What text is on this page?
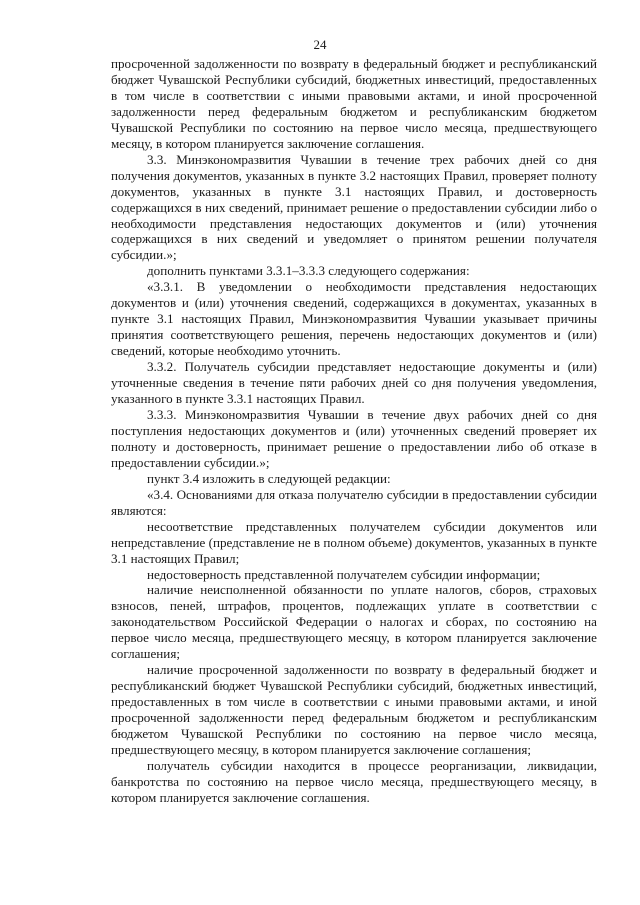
24

просроченной задолженности по возврату в федеральный бюджет и республиканский бюджет Чувашской Республики субсидий, бюджетных инвестиций, предоставленных в том числе в соответствии с иными правовыми актами, и иной просроченной задолженности перед федеральным бюджетом и республиканским бюджетом Чувашской Республики по состоянию на первое число месяца, предшествующего месяцу, в котором планируется заключение соглашения.

3.3. Минэкономразвития Чувашии в течение трех рабочих дней со дня получения документов, указанных в пункте 3.2 настоящих Правил, проверяет полноту документов, указанных в пункте 3.1 настоящих Правил, и достоверность содержащихся в них сведений, принимает решение о предоставлении субсидии либо о необходимости представления недостающих документов и (или) уточнения содержащихся в них сведений и уведомляет о принятом решении получателя субсидии.»;

дополнить пунктами 3.3.1–3.3.3 следующего содержания:

«3.3.1. В уведомлении о необходимости представления недостающих документов и (или) уточнения сведений, содержащихся в документах, указанных в пункте 3.1 настоящих Правил, Минэкономразвития Чувашии указывает причины принятия соответствующего решения, перечень недостающих документов и (или) сведений, которые необходимо уточнить.

3.3.2. Получатель субсидии представляет недостающие документы и (или) уточненные сведения в течение пяти рабочих дней со дня получения уведомления, указанного в пункте 3.3.1 настоящих Правил.

3.3.3. Минэкономразвития Чувашии в течение двух рабочих дней со дня поступления недостающих документов и (или) уточненных сведений проверяет их полноту и достоверность, принимает решение о предоставлении либо об отказе в предоставлении субсидии.»;

пункт 3.4 изложить в следующей редакции:

«3.4. Основаниями для отказа получателю субсидии в предоставлении субсидии являются:

несоответствие представленных получателем субсидии документов или непредставление (представление не в полном объеме) документов, указанных в пункте 3.1 настоящих Правил;

недостоверность представленной получателем субсидии информации;

наличие неисполненной обязанности по уплате налогов, сборов, страховых взносов, пеней, штрафов, процентов, подлежащих уплате в соответствии с законодательством Российской Федерации о налогах и сборах, по состоянию на первое число месяца, предшествующего месяцу, в котором планируется заключение соглашения;

наличие просроченной задолженности по возврату в федеральный бюджет и республиканский бюджет Чувашской Республики субсидий, бюджетных инвестиций, предоставленных в том числе в соответствии с иными правовыми актами, и иной просроченной задолженности перед федеральным бюджетом и республиканским бюджетом Чувашской Республики по состоянию на первое число месяца, предшествующего месяцу, в котором планируется заключение соглашения;

получатель субсидии находится в процессе реорганизации, ликвидации, банкротства по состоянию на первое число месяца, предшествующего месяцу, в котором планируется заключение соглашения.
